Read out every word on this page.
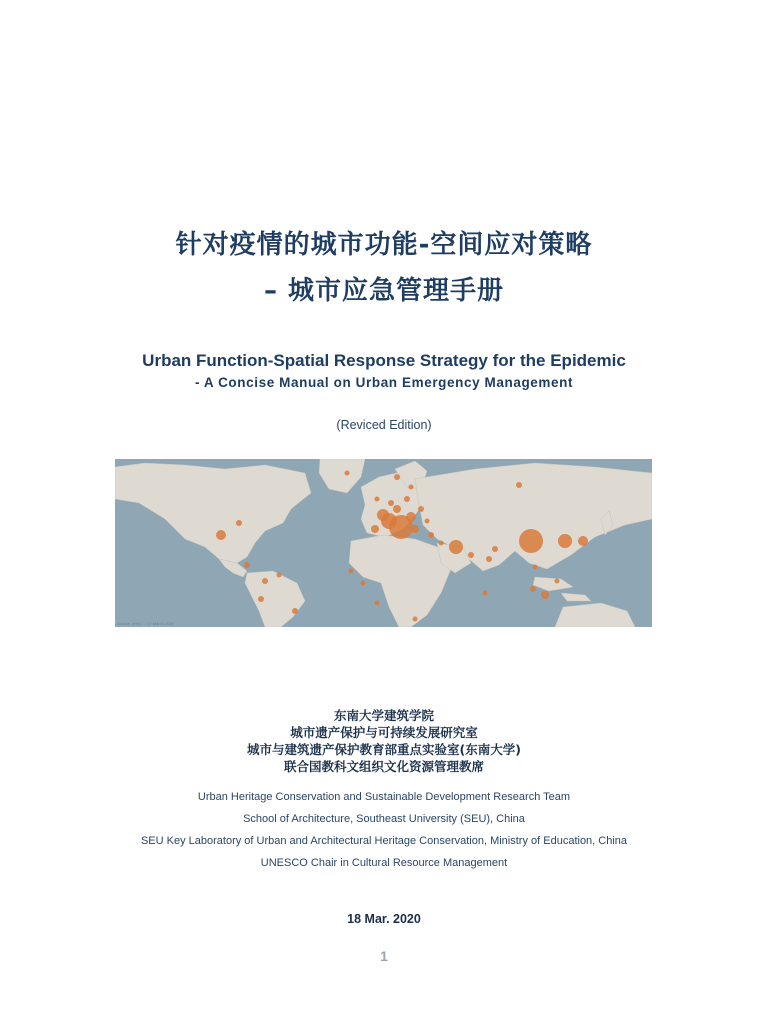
针对疫情的城市功能-空间应对策略
– 城市应急管理手册
Urban Function-Spatial Response Strategy for the Epidemic
- A Concise Manual on Urban Emergency Management
(Reviced Edition)
Source: WHO ... 17 March 2020
东南大学建筑学院
城市遗产保护与可持续发展研究室
城市与建筑遗产保护教育部重点实验室(东南大学)
联合国教科文组织文化资源管理教席
Urban Heritage Conservation and Sustainable Development Research Team
School of Architecture, Southeast University (SEU), China
SEU Key Laboratory of Urban and Architectural Heritage Conservation, Ministry of Education, China
UNESCO Chair in Cultural Resource Management
18 Mar. 2020
1
